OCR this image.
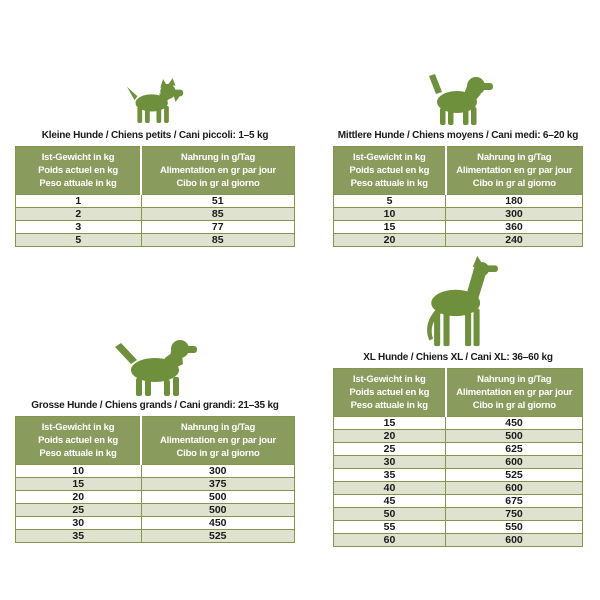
Kleine Hunde / Chiens petits / Cani piccoli: 1–5 kg
Ist-Gewicht in kg
Poids actuel en kg
Peso attuale in kg

Nahrung in g/Tag
Alimentation en gr par jour
Cibo in gr al giorno

1	51
2	85
3	77
5	85
Mittlere Hunde / Chiens moyens / Cani medi: 6–20 kg
Ist-Gewicht in kg
Poids actuel en kg
Peso attuale in kg

Nahrung in g/Tag
Alimentation en gr par jour
Cibo in gr al giorno

5	180
10	300
15	360
20	240
Grosse Hunde / Chiens grands / Cani grandi: 21–35 kg
Ist-Gewicht in kg
Poids actuel en kg
Peso attuale in kg

Nahrung in g/Tag
Alimentation en gr par jour
Cibo in gr al giorno

10	300
15	375
20	500
25	500
30	450
35	525
XL Hunde / Chiens XL / Cani XL: 36–60 kg
Ist-Gewicht in kg
Poids actuel en kg
Peso attuale in kg

Nahrung in g/Tag
Alimentation en gr par jour
Cibo in gr al giorno

15	450
20	500
25	625
30	600
35	525
40	600
45	675
50	750
55	550
60	600
